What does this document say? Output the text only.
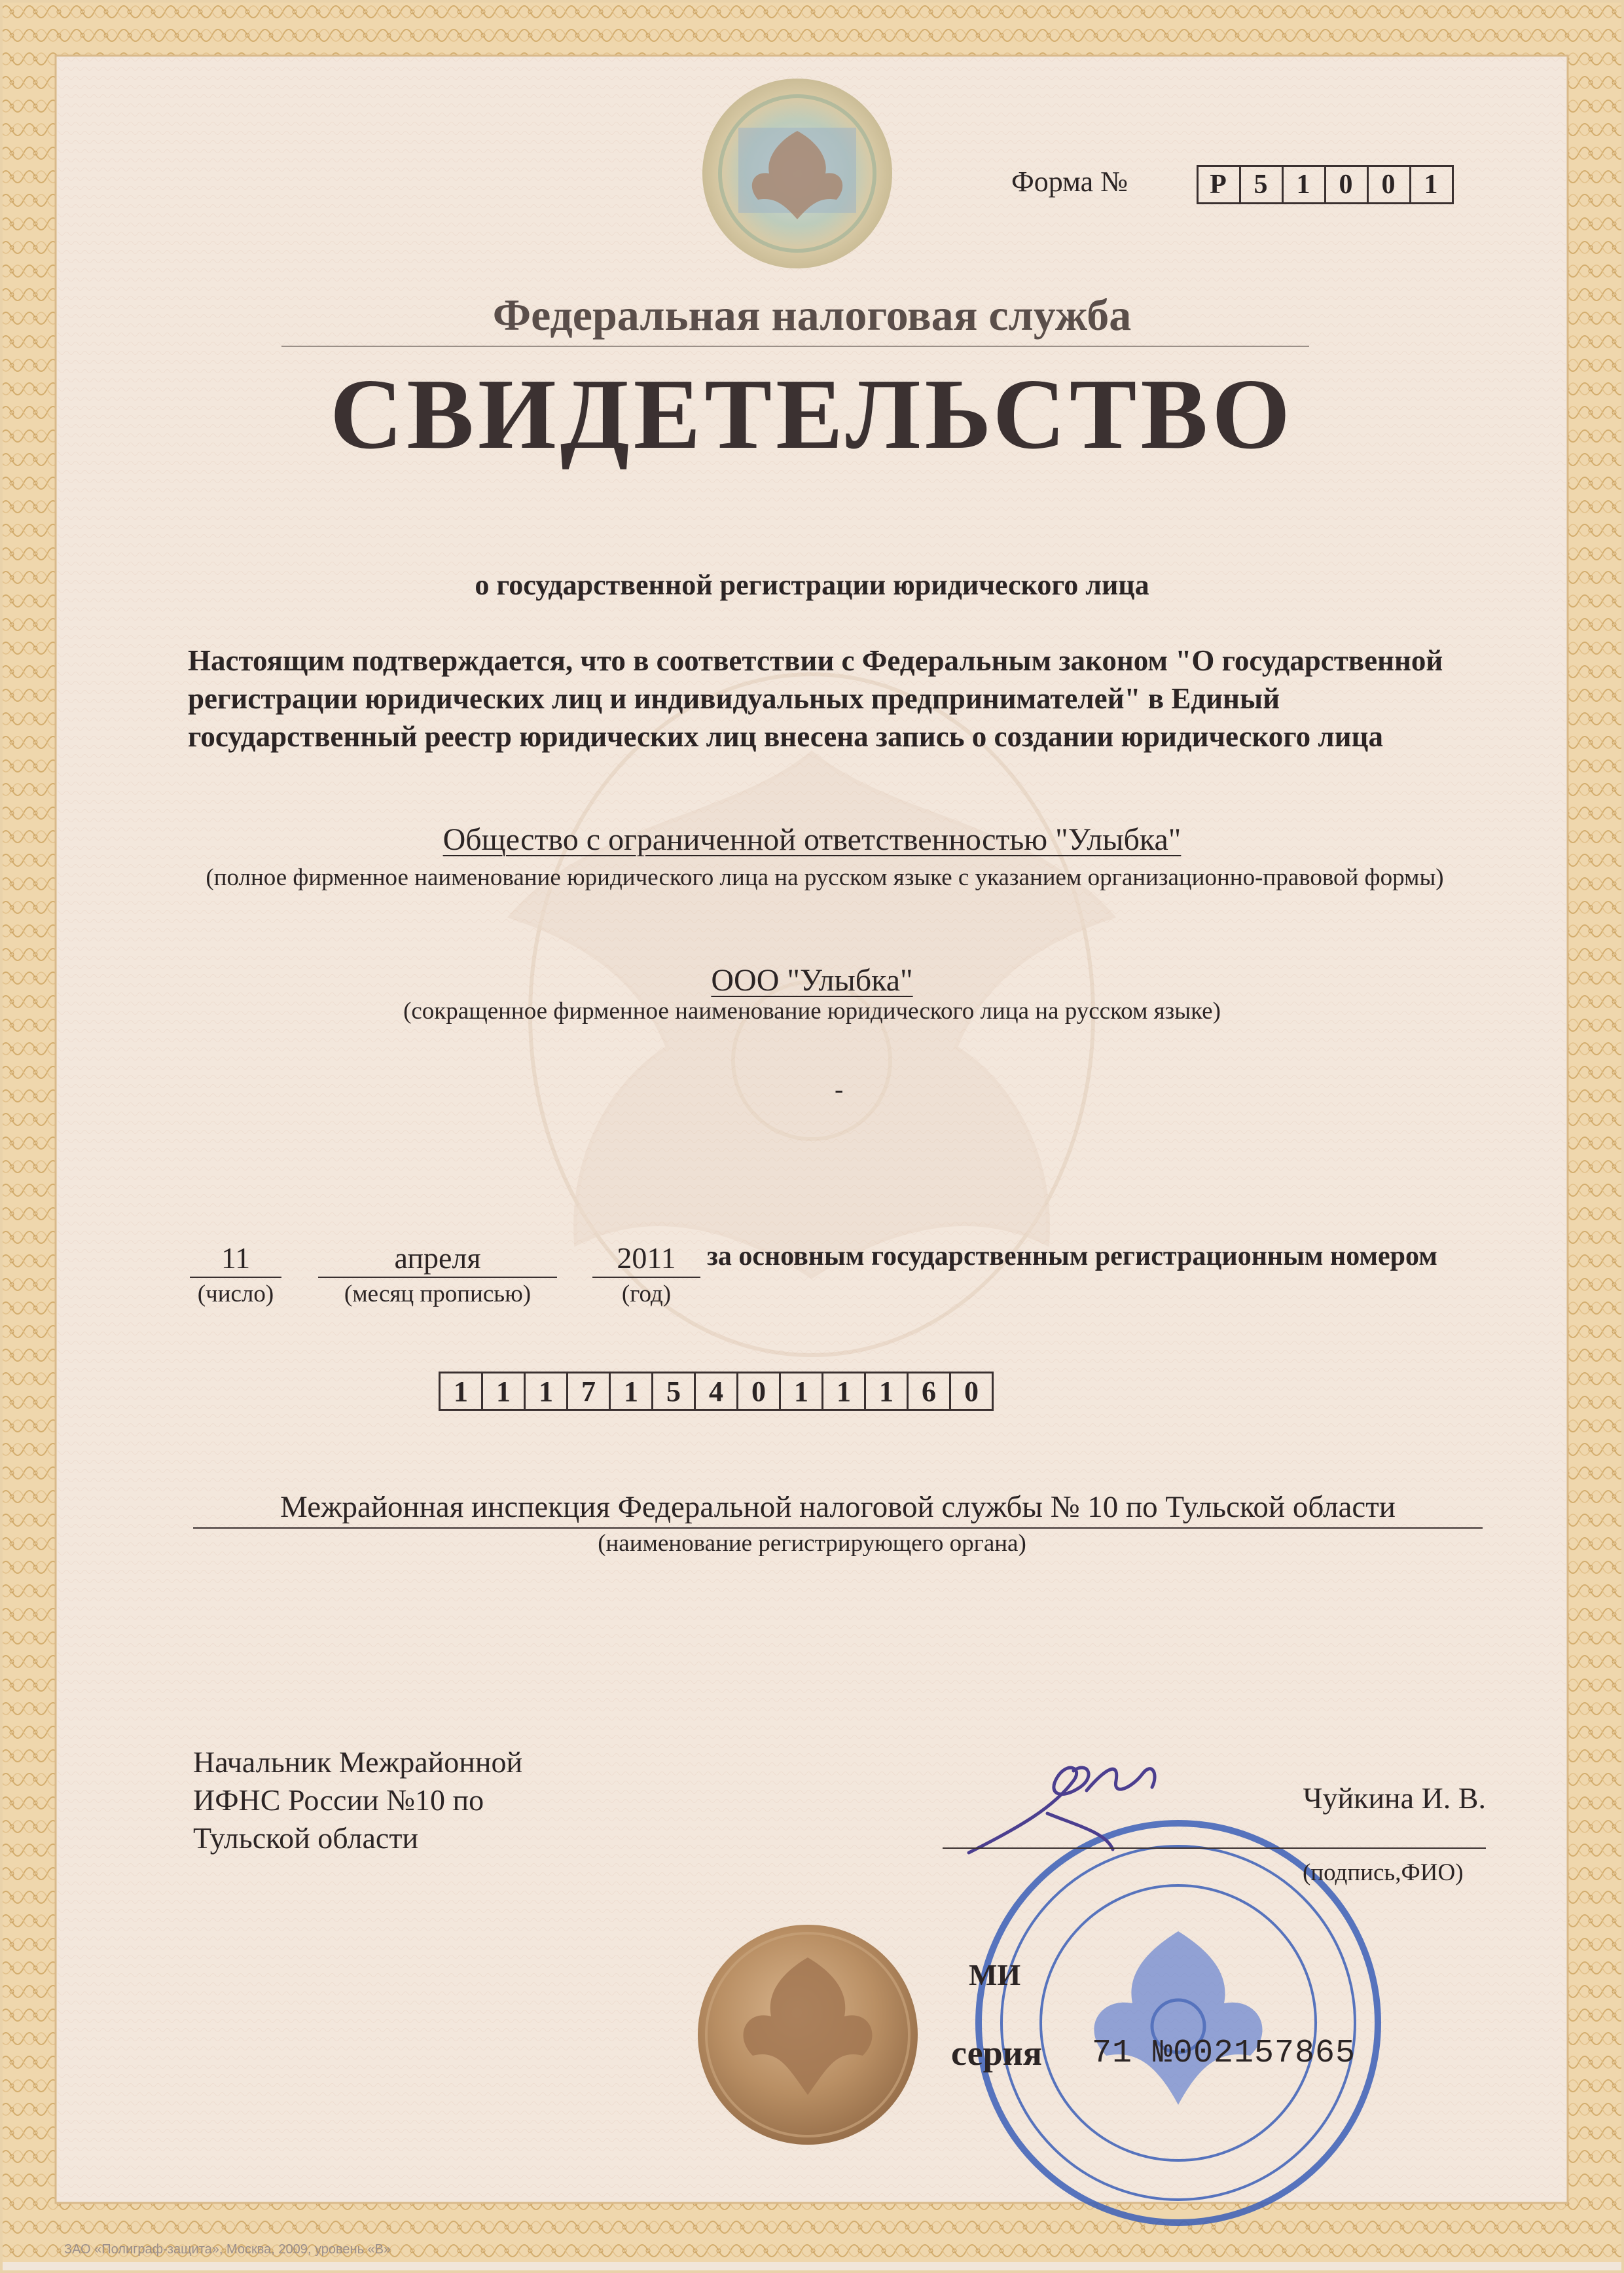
Форма №	Р 5	1	0	0	1
Федеральная налоговая служба
СВИДЕТЕЛЬСТВО
о государственной регистрации юридического лица
Настоящим подтверждается, что в соответствии с Федеральным законом "О государственной регистрации юридических лиц и индивидуальных предпринимателей" в Единый государственный реестр юридических лиц внесена запись о создании юридического лица
Общество с ограниченной ответственностью "Улыбка"
(полное фирменное наименование юридического лица на русском языке с указанием организационно-правовой формы)
ООО "Улыбка"
(сокращенное фирменное наименование юридического лица на русском языке)
-
11	апреля	2011
(число)	(месяц прописью)	(год)
за основным государственным регистрационным номером
1 1 1 7 1 5 4 0 1 1 1 6 0
Межрайонная инспекция Федеральной налоговой службы № 10 по Тульской области
(наименование регистрирующего органа)
Начальник Межрайонной
ИФНС России №10 по
Тульской области
Чуйкина И. В.
(подпись,ФИО)
МИ
серия 71 №002157865
ЗАО «Полиграф-защита», Москва, 2009, уровень «В»
